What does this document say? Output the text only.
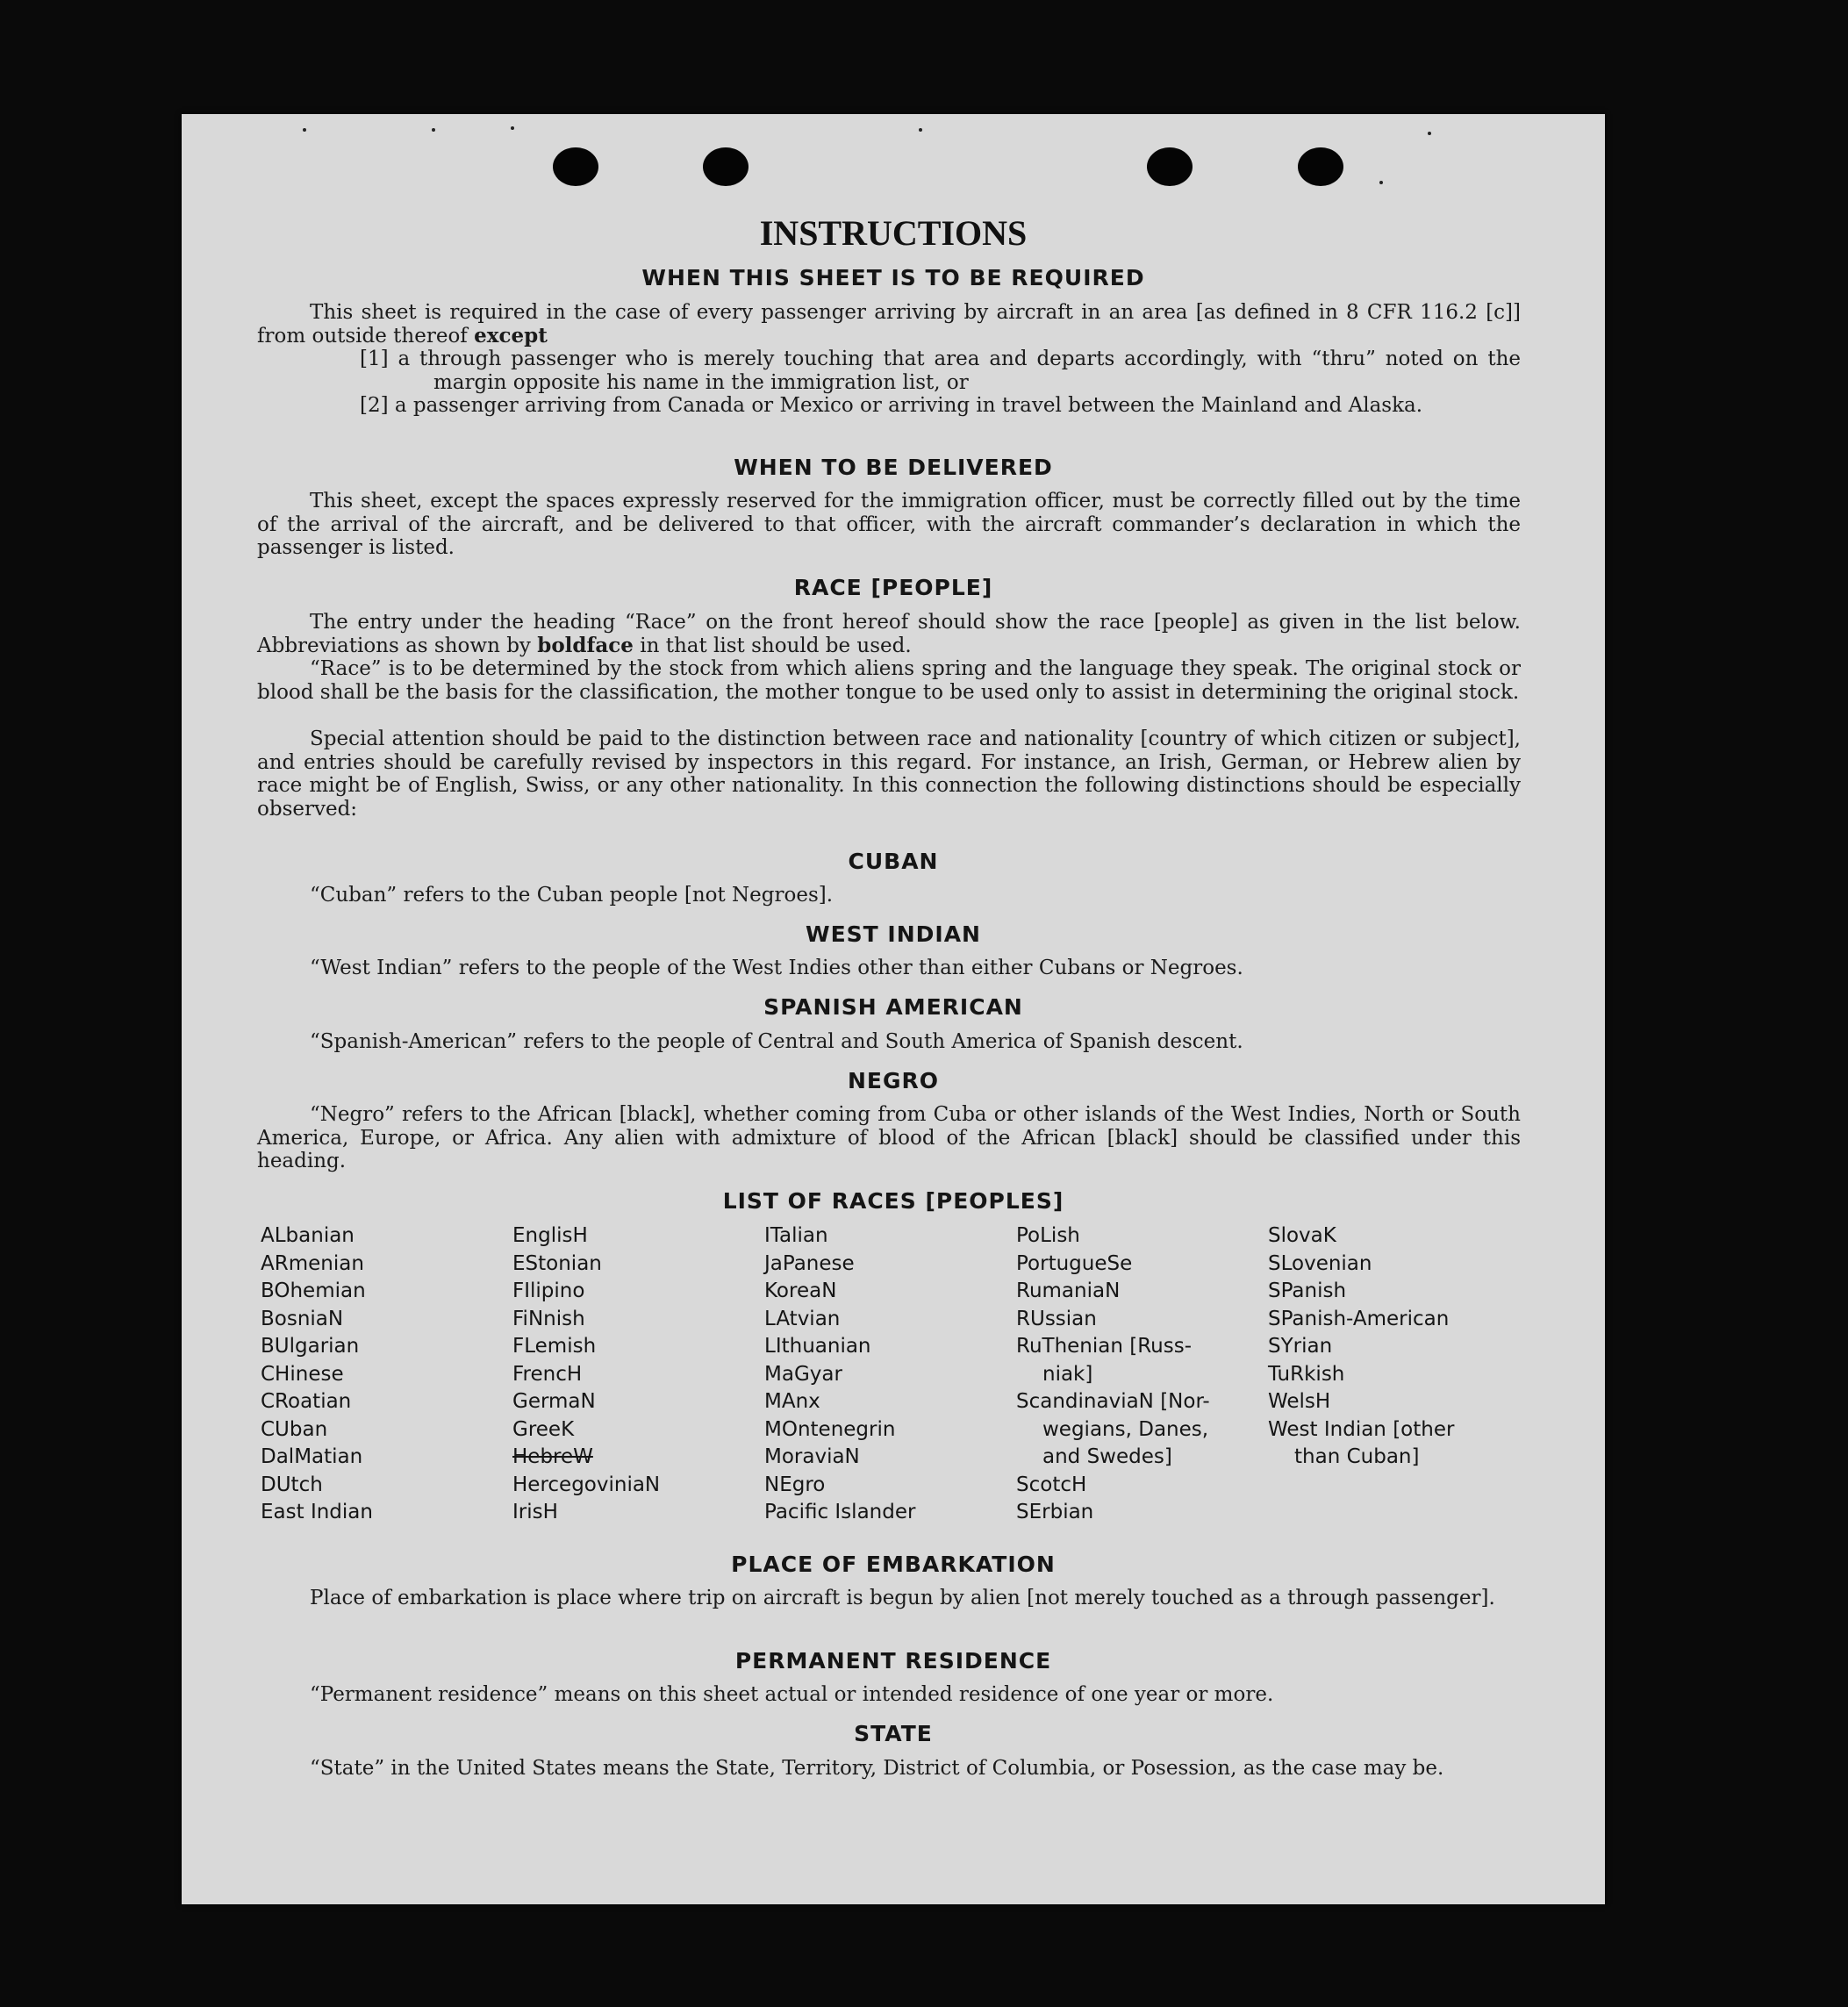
INSTRUCTIONS
WHEN THIS SHEET IS TO BE REQUIRED
This sheet is required in the case of every passenger arriving by aircraft in an area [as defined in 8 CFR 116.2 [c]] from outside thereof except
[1] a through passenger who is merely touching that area and departs accordingly, with “thru” noted on the margin opposite his name in the immigration list, or
[2] a passenger arriving from Canada or Mexico or arriving in travel between the Mainland and Alaska.
WHEN TO BE DELIVERED
This sheet, except the spaces expressly reserved for the immigration officer, must be correctly filled out by the time of the arrival of the aircraft, and be delivered to that officer, with the aircraft commander’s declaration in which the passenger is listed.
RACE [PEOPLE]
The entry under the heading “Race” on the front hereof should show the race [people] as given in the list below. Abbreviations as shown by boldface in that list should be used.
“Race” is to be determined by the stock from which aliens spring and the language they speak. The original stock or blood shall be the basis for the classification, the mother tongue to be used only to assist in determining the original stock.
Special attention should be paid to the distinction between race and nationality [country of which citizen or subject], and entries should be carefully revised by inspectors in this regard. For instance, an Irish, German, or Hebrew alien by race might be of English, Swiss, or any other nationality. In this connection the following distinctions should be especially observed:
CUBAN
“Cuban” refers to the Cuban people [not Negroes].
WEST INDIAN
“West Indian” refers to the people of the West Indies other than either Cubans or Negroes.
SPANISH AMERICAN
“Spanish-American” refers to the people of Central and South America of Spanish descent.
NEGRO
“Negro” refers to the African [black], whether coming from Cuba or other islands of the West Indies, North or South America, Europe, or Africa. Any alien with admixture of blood of the African [black] should be classified under this heading.
LIST OF RACES [PEOPLES]
ALbanian
ARmenian
BOhemian
BosniaN
BUlgarian
CHinese
CRoatian
CUban
DalMatian
DUtch
East Indian
EnglisH
EStonian
FIlipino
FiNnish
FLemish
FrencH
GermaN
GreeK
HebreW
HercegoviniaN
IrisH
ITalian
JaPanese
KoreaN
LAtvian
LIthuanian
MaGyar
MAnx
MOntenegrin
MoraviaN
NEgro
Pacific Islander
PoLish
PortugueSe
RumaniaN
RUssian
RuThenian [Russ-
niak]
ScandinaviaN [Nor-
wegians, Danes,
and Swedes]
ScotcH
SErbian
SlovaK
SLovenian
SPanish
SPanish-American
SYrian
TuRkish
WelsH
West Indian [other
than Cuban]
PLACE OF EMBARKATION
Place of embarkation is place where trip on aircraft is begun by alien [not merely touched as a through passenger].
PERMANENT RESIDENCE
“Permanent residence” means on this sheet actual or intended residence of one year or more.
STATE
“State” in the United States means the State, Territory, District of Columbia, or Posession, as the case may be.
